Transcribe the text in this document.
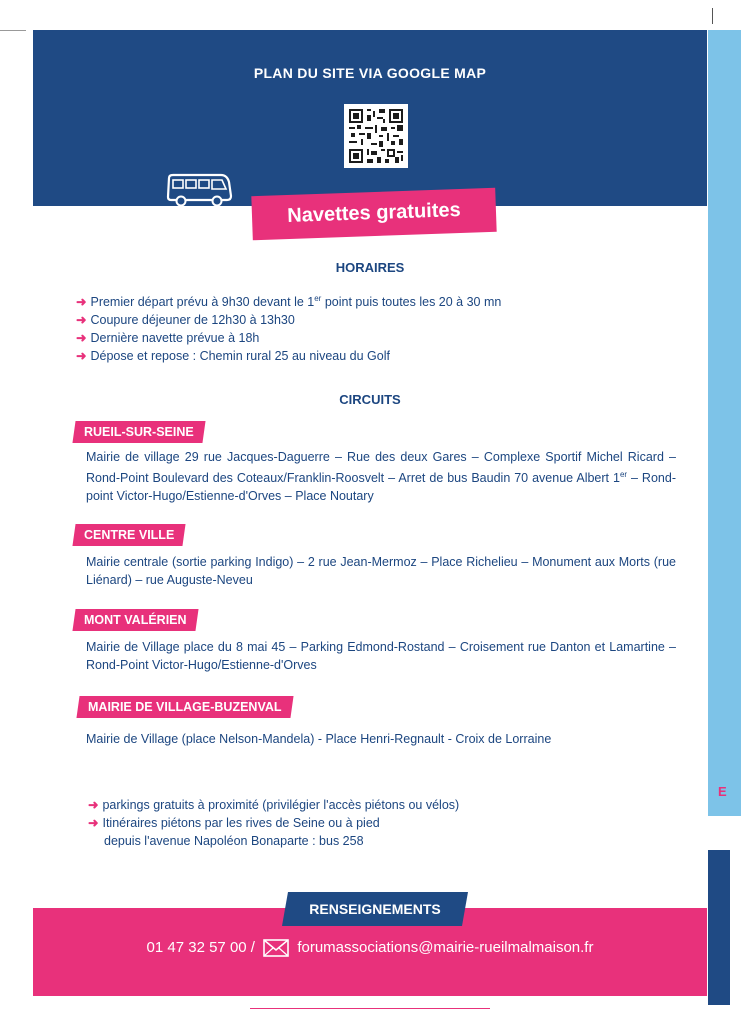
E
PLAN DU SITE VIA GOOGLE MAP
Navettes gratuites
HORAIRES
➜ Premier départ prévu à 9h30 devant le 1er point puis toutes les 20 à 30 mn
➜ Coupure déjeuner de 12h30 à 13h30
➜ Dernière navette prévue à 18h
➜ Dépose et repose : Chemin rural 25 au niveau du Golf
CIRCUITS
RUEIL-SUR-SEINE
Mairie de village 29 rue Jacques-Daguerre – Rue des deux Gares – Complexe Sportif Michel Ricard – Rond-Point Boulevard des Coteaux/Franklin-Roosvelt – Arret de bus Baudin 70 avenue Albert 1er – Rond-point Victor-Hugo/Estienne-d'Orves – Place Noutary
CENTRE VILLE
Mairie centrale (sortie parking Indigo) – 2 rue Jean-Mermoz – Place Richelieu – Monument aux Morts (rue Liénard) – rue Auguste-Neveu
MONT VALÉRIEN
Mairie de Village place du 8 mai 45 – Parking Edmond-Rostand – Croisement rue Danton et Lamartine – Rond-Point Victor-Hugo/Estienne-d'Orves
MAIRIE DE VILLAGE-BUZENVAL
Mairie de Village (place Nelson-Mandela) - Place Henri-Regnault - Croix de Lorraine
➜ parkings gratuits à proximité (privilégier l'accès piétons ou vélos)
➜ Itinéraires piétons par les rives de Seine ou à pied
depuis l'avenue Napoléon Bonaparte : bus 258
RENSEIGNEMENTS
01 47 32 57 00 /	forumassociations@mairie-rueilmalmaison.fr
